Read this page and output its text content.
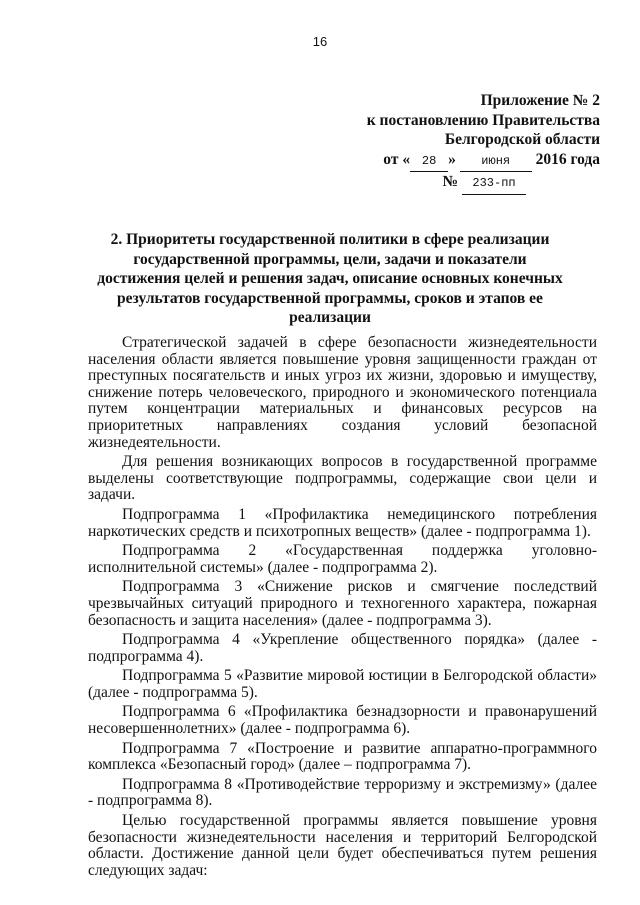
16
Приложение № 2
к постановлению Правительства
Белгородской области
от « 28 » июня 2016 года
№ 233-пп
2. Приоритеты государственной политики в сфере реализации государственной программы, цели, задачи и показатели достижения целей и решения задач, описание основных конечных результатов государственной программы, сроков и этапов ее реализации

Стратегической задачей в сфере безопасности жизнедеятельности населения области является повышение уровня защищенности граждан от преступных посягательств и иных угроз их жизни, здоровью и имуществу, снижение потерь человеческого, природного и экономического потенциала путем концентрации материальных и финансовых ресурсов на приоритетных направлениях создания условий безопасной жизнедеятельности.

Для решения возникающих вопросов в государственной программе выделены соответствующие подпрограммы, содержащие свои цели и задачи.

Подпрограмма 1 «Профилактика немедицинского потребления наркотических средств и психотропных веществ» (далее - подпрограмма 1).

Подпрограмма 2 «Государственная поддержка уголовно-исполнительной системы» (далее - подпрограмма 2).

Подпрограмма 3 «Снижение рисков и смягчение последствий чрезвычайных ситуаций природного и техногенного характера, пожарная безопасность и защита населения» (далее - подпрограмма 3).

Подпрограмма 4 «Укрепление общественного порядка» (далее - подпрограмма 4).

Подпрограмма 5 «Развитие мировой юстиции в Белгородской области» (далее - подпрограмма 5).

Подпрограмма 6 «Профилактика безнадзорности и правонарушений несовершеннолетних» (далее - подпрограмма 6).

Подпрограмма 7 «Построение и развитие аппаратно-программного комплекса «Безопасный город» (далее – подпрограмма 7).

Подпрограмма 8 «Противодействие терроризму и экстремизму» (далее - подпрограмма 8).

Целью государственной программы является повышение уровня безопасности жизнедеятельности населения и территорий Белгородской области. Достижение данной цели будет обеспечиваться путем решения следующих задач:
